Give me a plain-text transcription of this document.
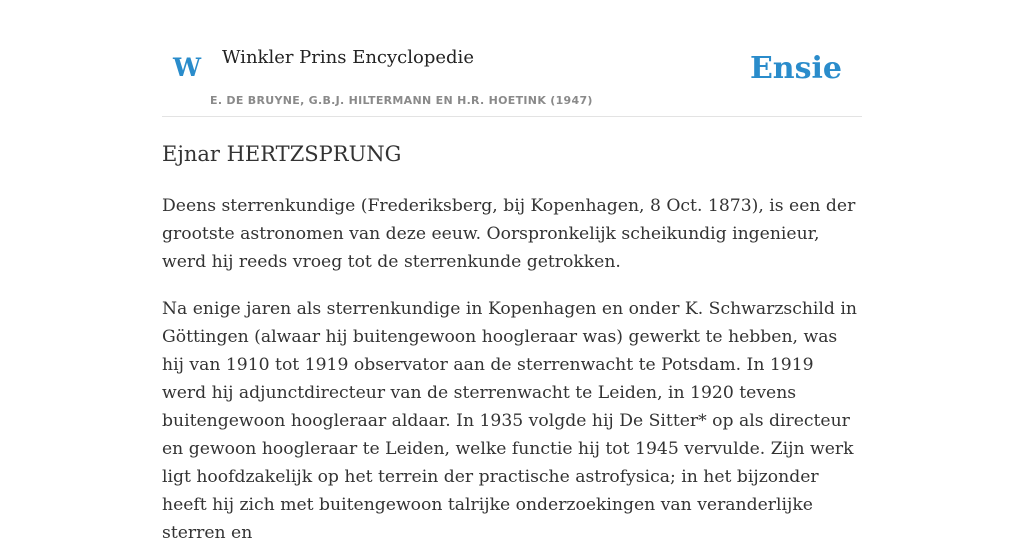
W Winkler Prins Encyclopedie
E. DE BRUYNE, G.B.J. HILTERMANN EN H.R. HOETINK (1947)
Ensie
Ejnar HERTZSPRUNG

Deens sterrenkundige (Frederiksberg, bij Kopenhagen, 8 Oct. 1873), is een der grootste astronomen van deze eeuw. Oorspronkelijk scheikundig ingenieur, werd hij reeds vroeg tot de sterrenkunde getrokken.

Na enige jaren als sterrenkundige in Kopenhagen en onder K. Schwarzschild in Göttingen (alwaar hij buitengewoon hoogleraar was) gewerkt te hebben, was hij van 1910 tot 1919 observator aan de sterrenwacht te Potsdam. In 1919 werd hij adjunctdirecteur van de sterrenwacht te Leiden, in 1920 tevens buitengewoon hoogleraar aldaar. In 1935 volgde hij De Sitter* op als directeur en gewoon hoogleraar te Leiden, welke functie hij tot 1945 vervulde. Zijn werk ligt hoofdzakelijk op het terrein der practische astrofysica; in het bijzonder heeft hij zich met buitengewoon talrijke onderzoekingen van veranderlijke sterren en
